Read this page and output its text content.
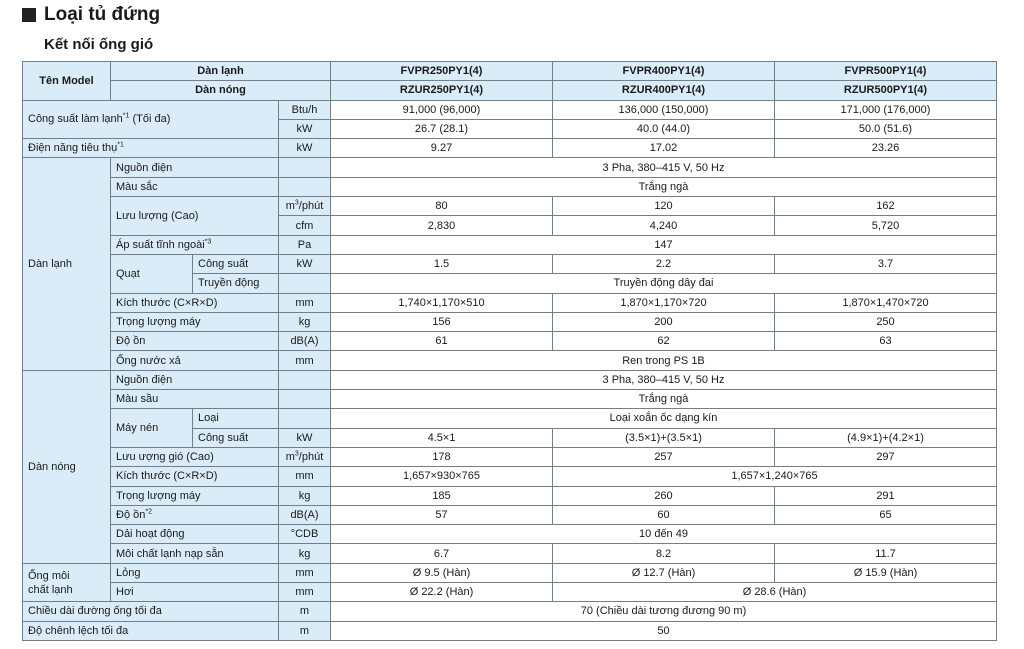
Loại tủ đứng
Kết nối ống gió
Tên Model	Dàn lạnh			FVPR250PY1(4)	FVPR400PY1(4)	FVPR500PY1(4)
	Dàn nóng			RZUR250PY1(4)	RZUR400PY1(4)	RZUR500PY1(4)
Công suất làm lạnh$^{*1}$ (Tối đa)			Btu/h	91,000 (96,000)	136,000 (150,000)	171,000 (176,000)
			kW	26.7 (28.1)	40.0 (44.0)	50.0 (51.6)
Điện năng tiêu thụ$^{*1}$			kW	9.27	17.02	23.26
Dàn lạnh	Nguồn điện			3 Pha, 380–415 V, 50 Hz		
	Màu sắc			Trắng ngà		
	Lưu lượng (Cao)		$m^3$/phút	80	120	162
			cfm	2,830	4,240	5,720
	Áp suất tĩnh ngoài$^{*3}$		Pa	147		
	Quạt	Công suất	kW	1.5	2.2	3.7
		Truyền động		Truyền động dây đai		
	Kích thước (C×R×D)		mm	1,740×1,170×510	1,870×1,170×720	1,870×1,470×720
	Trọng lượng máy		kg	156	200	250
	Độ ồn		dB(A)	61	62	63
	Ống nước xả		mm	Ren trong PS 1B		
Dàn nóng	Nguồn điện			3 Pha, 380–415 V, 50 Hz		
	Màu sầu			Trắng ngà		
	Máy nén	Loại		Loại xoắn ốc dạng kín		
		Công suất	kW	4.5×1	(3.5×1)+(3.5×1)	(4.9×1)+(4.2×1)
	Lưu ượng gió (Cao)		$m^3$/phút	178	257	297
	Kích thước (C×R×D)		mm	1,657×930×765	1,657×1,240×765	
	Trọng lượng máy		kg	185	260	291
	Độ ồn$^{*2}$		dB(A)	57	60	65
	Dải hoạt động		°CDB	10 đến 49		
	Môi chất lạnh nạp sẵn		kg	6.7	8.2	11.7
Ống môi
chất lạnh	Lỏng		mm	Ø 9.5 (Hàn)	Ø 12.7 (Hàn)	Ø 15.9 (Hàn)
	Hơi		mm	Ø 22.2 (Hàn)	Ø 28.6 (Hàn)	
Chiều dài đường ống tối đa			m	70 (Chiều dài tương đương 90 m)		
Độ chênh lệch tối đa			m	50		
